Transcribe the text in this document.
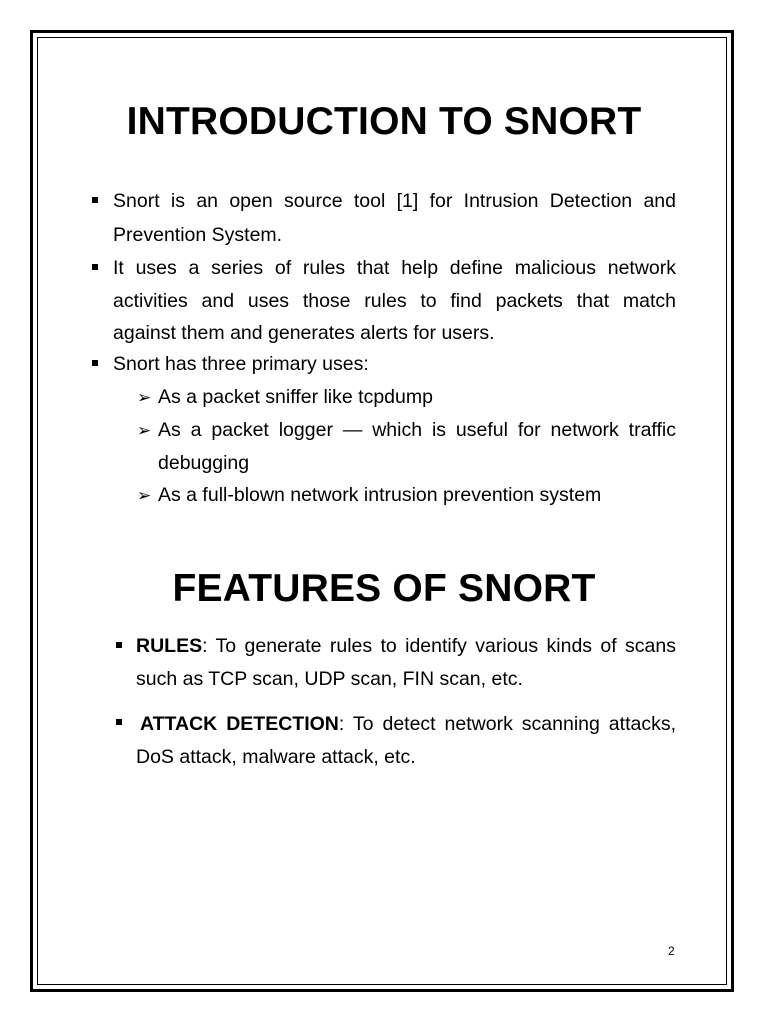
INTRODUCTION TO SNORT
Snort is an open source tool [1] for Intrusion Detection and
Prevention System.
It uses a series of rules that help define malicious network
activities and uses those rules to find packets that match
against them and generates alerts for users.
Snort has three primary uses:
➢ As a packet sniffer like tcpdump
➢ As a packet logger — which is useful for network traffic
debugging
➢ As a full-blown network intrusion prevention system
FEATURES OF SNORT
RULES: To generate rules to identify various kinds of scans
such as TCP scan, UDP scan, FIN scan, etc.
ATTACK DETECTION: To detect network scanning attacks,
DoS attack, malware attack, etc.
2
